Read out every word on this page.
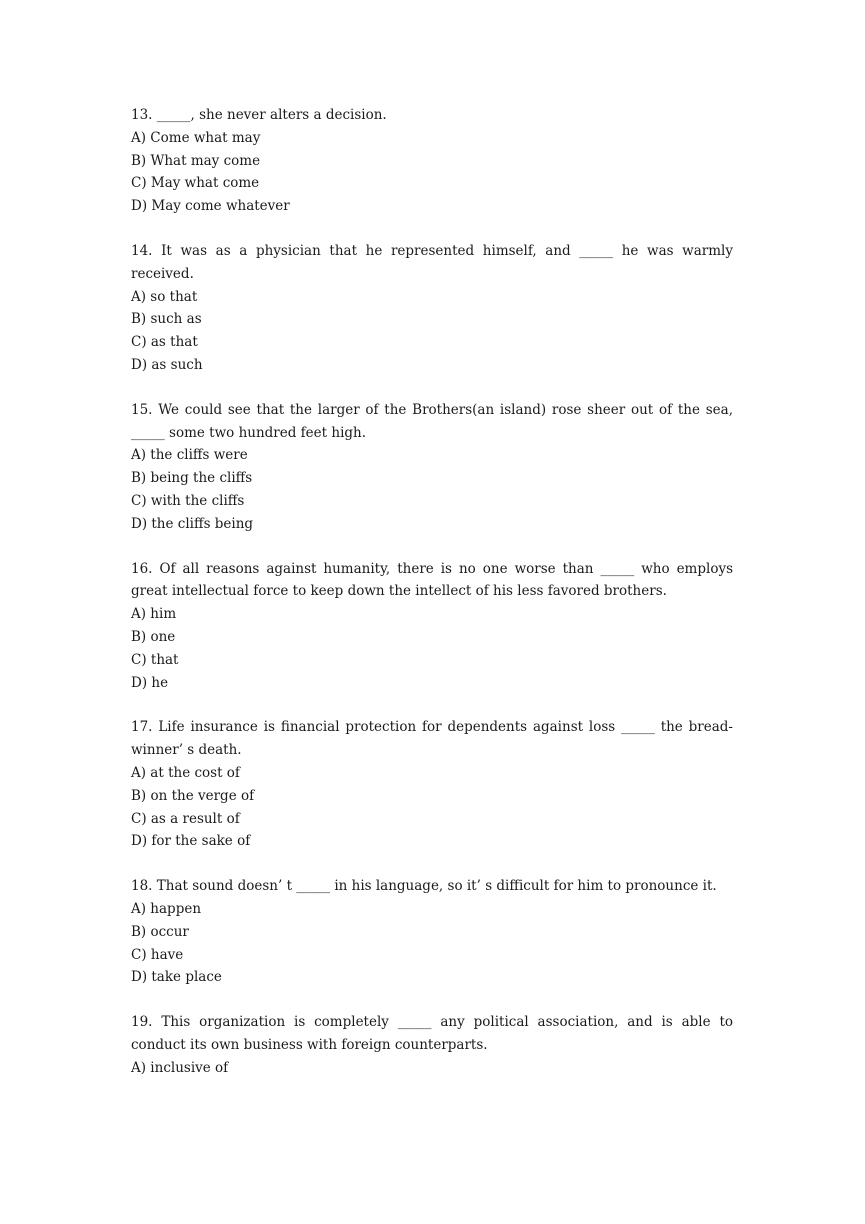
13. _____, she never alters a decision.

A) Come what may

B) What may come

C) May what come

D) May come whatever

14. It was as a physician that he represented himself, and _____ he was warmly received.

A) so that

B) such as

C) as that

D) as such

15. We could see that the larger of the Brothers(an island) rose sheer out of the sea, _____ some two hundred feet high.

A) the cliffs were

B) being the cliffs

C) with the cliffs

D) the cliffs being

16. Of all reasons against humanity, there is no one worse than _____ who employs great intellectual force to keep down the intellect of his less favored brothers.

A) him

B) one

C) that

D) he

17. Life insurance is financial protection for dependents against loss _____ the bread-winner’ s death.

A) at the cost of

B) on the verge of

C) as a result of

D) for the sake of

18. That sound doesn’ t _____ in his language, so it’ s difficult for him to pronounce it.

A) happen

B) occur

C) have

D) take place

19. This organization is completely _____ any political association, and is able to conduct its own business with foreign counterparts.

A) inclusive of
